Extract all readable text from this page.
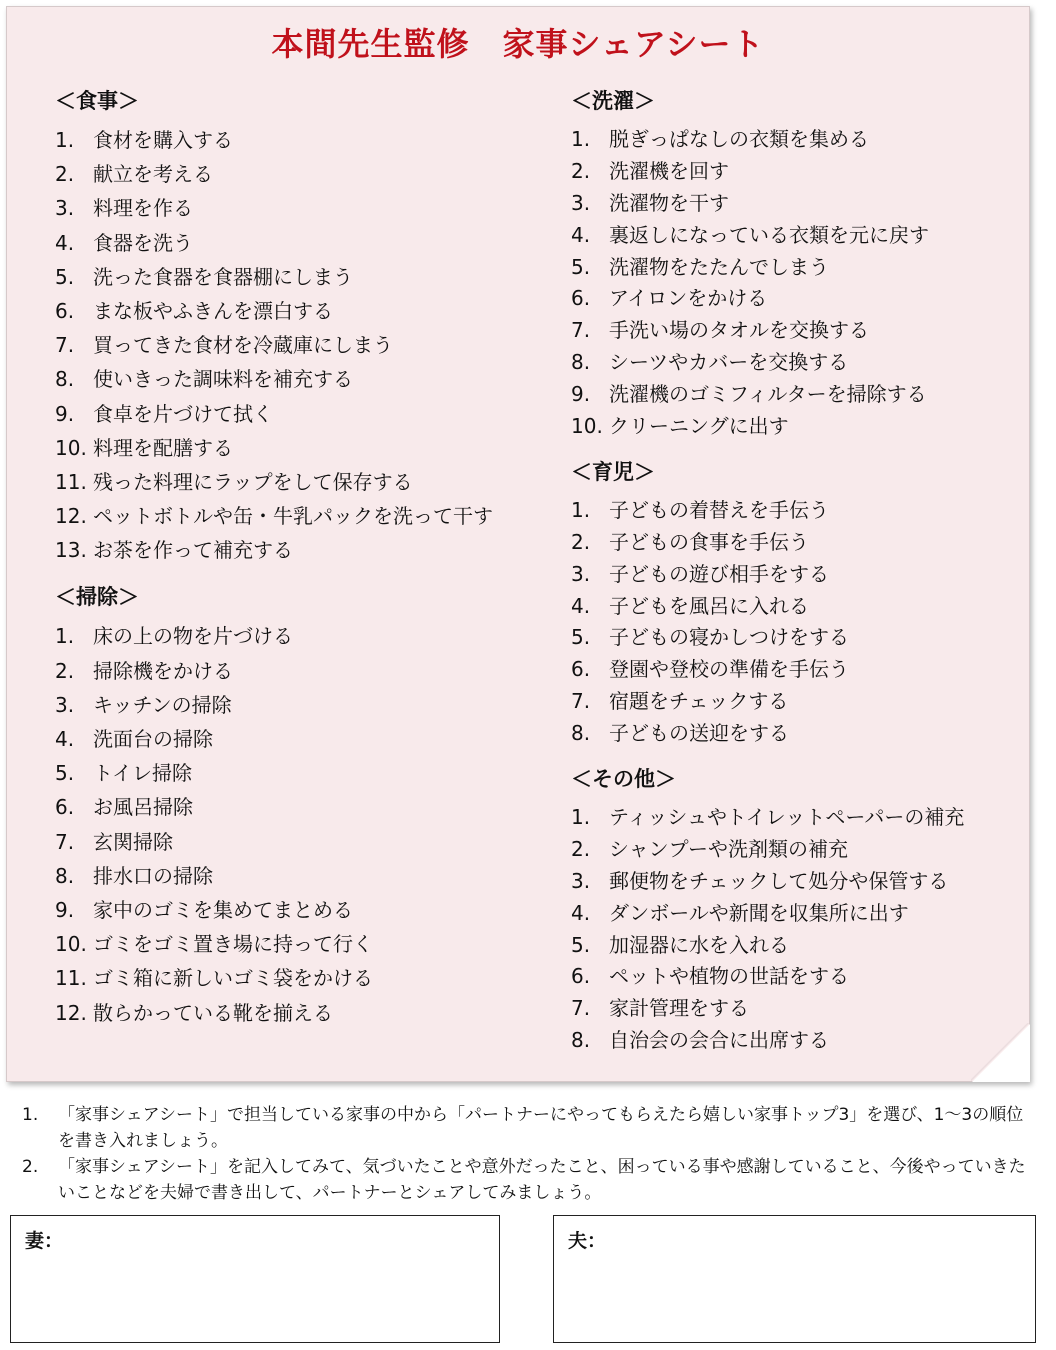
本間先生監修　家事シェアシート
＜食事＞
1. 食材を購入する
2. 献立を考える
3. 料理を作る
4. 食器を洗う
5. 洗った食器を食器棚にしまう
6. まな板やふきんを漂白する
7. 買ってきた食材を冷蔵庫にしまう
8. 使いきった調味料を補充する
9. 食卓を片づけて拭く
10. 料理を配膳する
11. 残った料理にラップをして保存する
12. ペットボトルや缶・牛乳パックを洗って干す
13. お茶を作って補充する
＜掃除＞
1. 床の上の物を片づける
2. 掃除機をかける
3. キッチンの掃除
4. 洗面台の掃除
5. トイレ掃除
6. お風呂掃除
7. 玄関掃除
8. 排水口の掃除
9. 家中のゴミを集めてまとめる
10. ゴミをゴミ置き場に持って行く
11. ゴミ箱に新しいゴミ袋をかける
12. 散らかっている靴を揃える
＜洗濯＞
1. 脱ぎっぱなしの衣類を集める
2. 洗濯機を回す
3. 洗濯物を干す
4. 裏返しになっている衣類を元に戻す
5. 洗濯物をたたんでしまう
6. アイロンをかける
7. 手洗い場のタオルを交換する
8. シーツやカバーを交換する
9. 洗濯機のゴミフィルターを掃除する
10. クリーニングに出す
＜育児＞
1. 子どもの着替えを手伝う
2. 子どもの食事を手伝う
3. 子どもの遊び相手をする
4. 子どもを風呂に入れる
5. 子どもの寝かしつけをする
6. 登園や登校の準備を手伝う
7. 宿題をチェックする
8. 子どもの送迎をする
＜その他＞
1. ティッシュやトイレットペーパーの補充
2. シャンプーや洗剤類の補充
3. 郵便物をチェックして処分や保管する
4. ダンボールや新聞を収集所に出す
5. 加湿器に水を入れる
6. ペットや植物の世話をする
7. 家計管理をする
8. 自治会の会合に出席する
1.	「家事シェアシート」で担当している家事の中から「パートナーにやってもらえたら嬉しい家事トップ3」を選び、1〜3の順位を書き入れましょう。
2.	「家事シェアシート」を記入してみて、気づいたことや意外だったこと、困っている事や感謝していること、今後やっていきたいことなどを夫婦で書き出して、パートナーとシェアしてみましょう。
妻：	夫：
